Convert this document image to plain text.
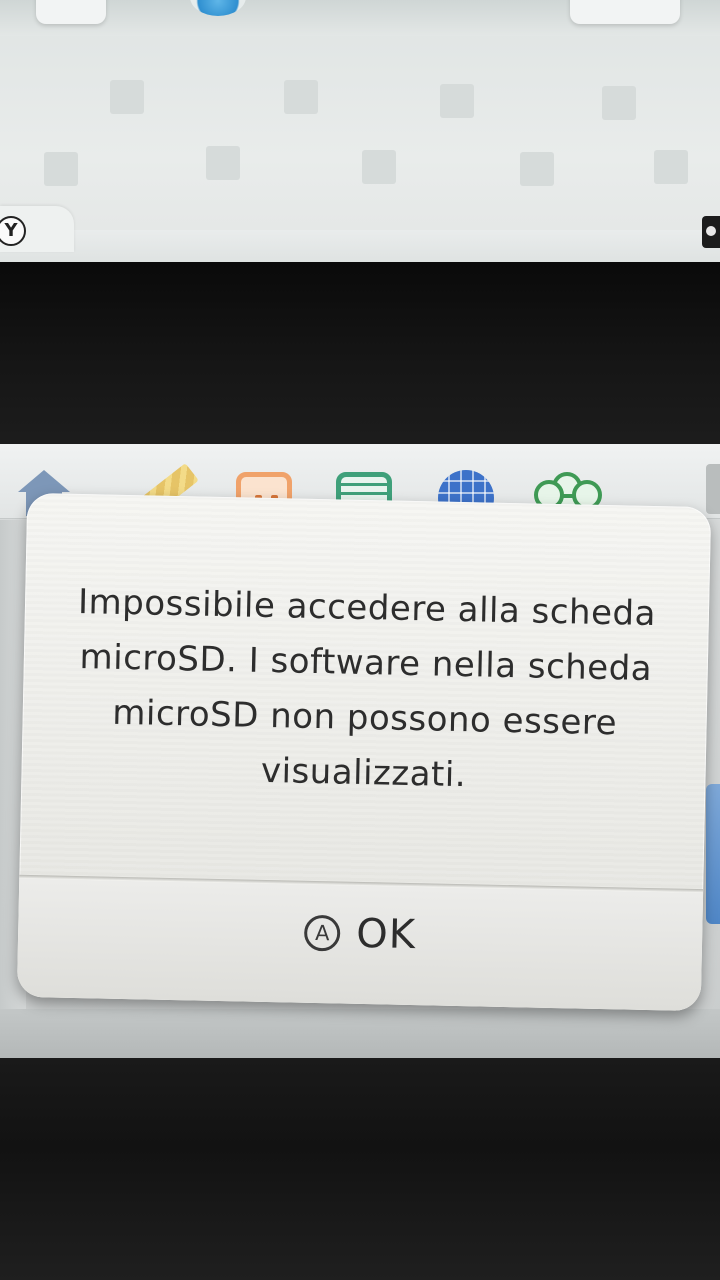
Y

Impossibile accedere alla scheda microSD. I software nella scheda microSD non possono essere visualizzati.

A OK
